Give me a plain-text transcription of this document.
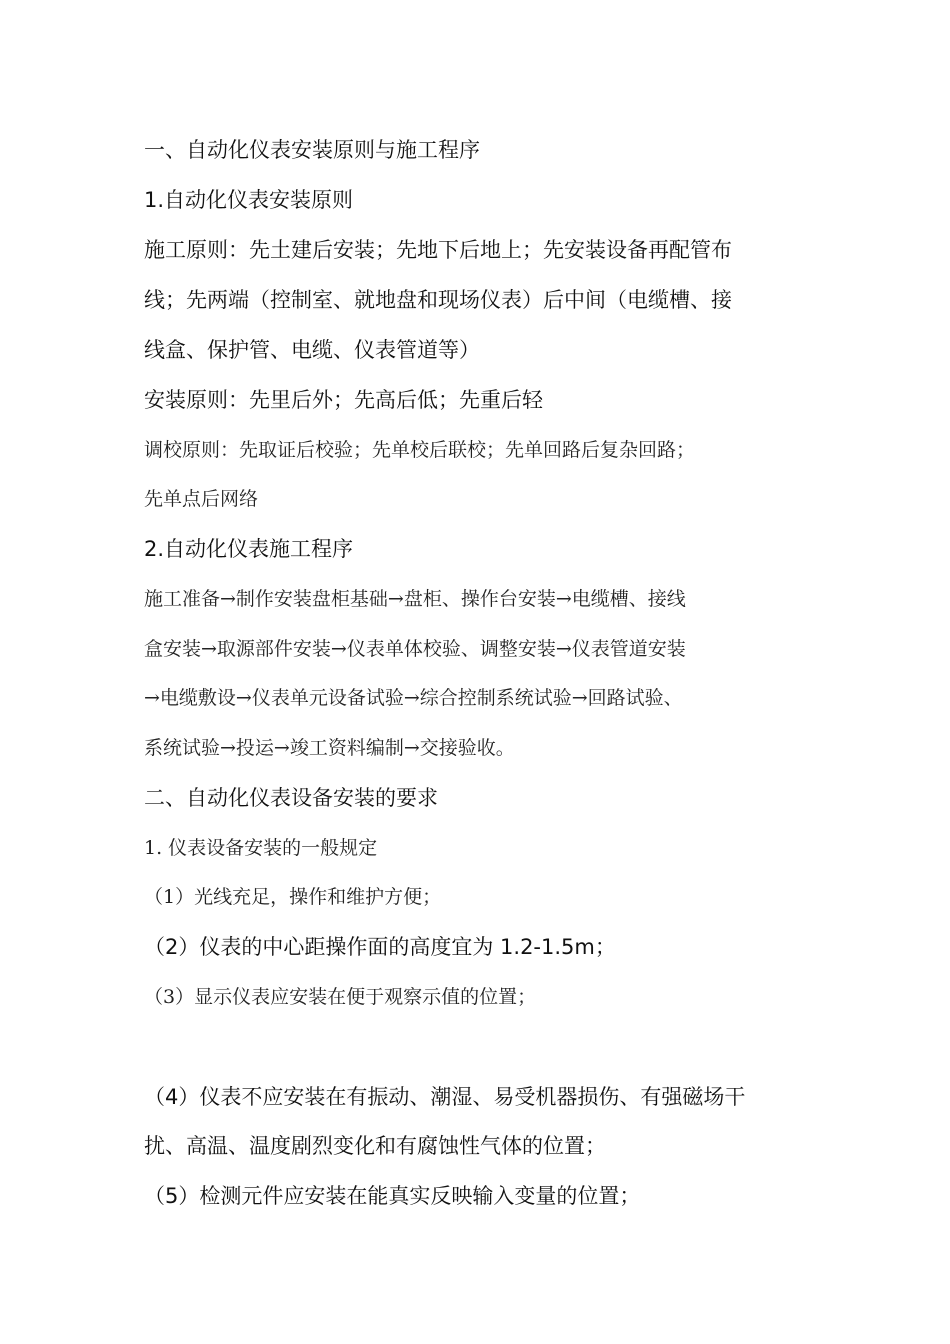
一、自动化仪表安装原则与施工程序
1.自动化仪表安装原则
施工原则：先土建后安装；先地下后地上；先安装设备再配管布
线；先两端（控制室、就地盘和现场仪表）后中间（电缆槽、接
线盒、保护管、电缆、仪表管道等）
安装原则：先里后外；先高后低；先重后轻
调校原则：先取证后校验；先单校后联校；先单回路后复杂回路；
先单点后网络
2.自动化仪表施工程序
施工准备→制作安装盘柜基础→盘柜、操作台安装→电缆槽、接线
盒安装→取源部件安装→仪表单体校验、调整安装→仪表管道安装
→电缆敷设→仪表单元设备试验→综合控制系统试验→回路试验、
系统试验→投运→竣工资料编制→交接验收。
二、自动化仪表设备安装的要求
1. 仪表设备安装的一般规定
（1）光线充足，操作和维护方便；
（2）仪表的中心距操作面的高度宜为 1.2-1.5m；
（3）显示仪表应安装在便于观察示值的位置；
（4）仪表不应安装在有振动、潮湿、易受机器损伤、有强磁场干
扰、高温、温度剧烈变化和有腐蚀性气体的位置；
（5）检测元件应安装在能真实反映输入变量的位置；
